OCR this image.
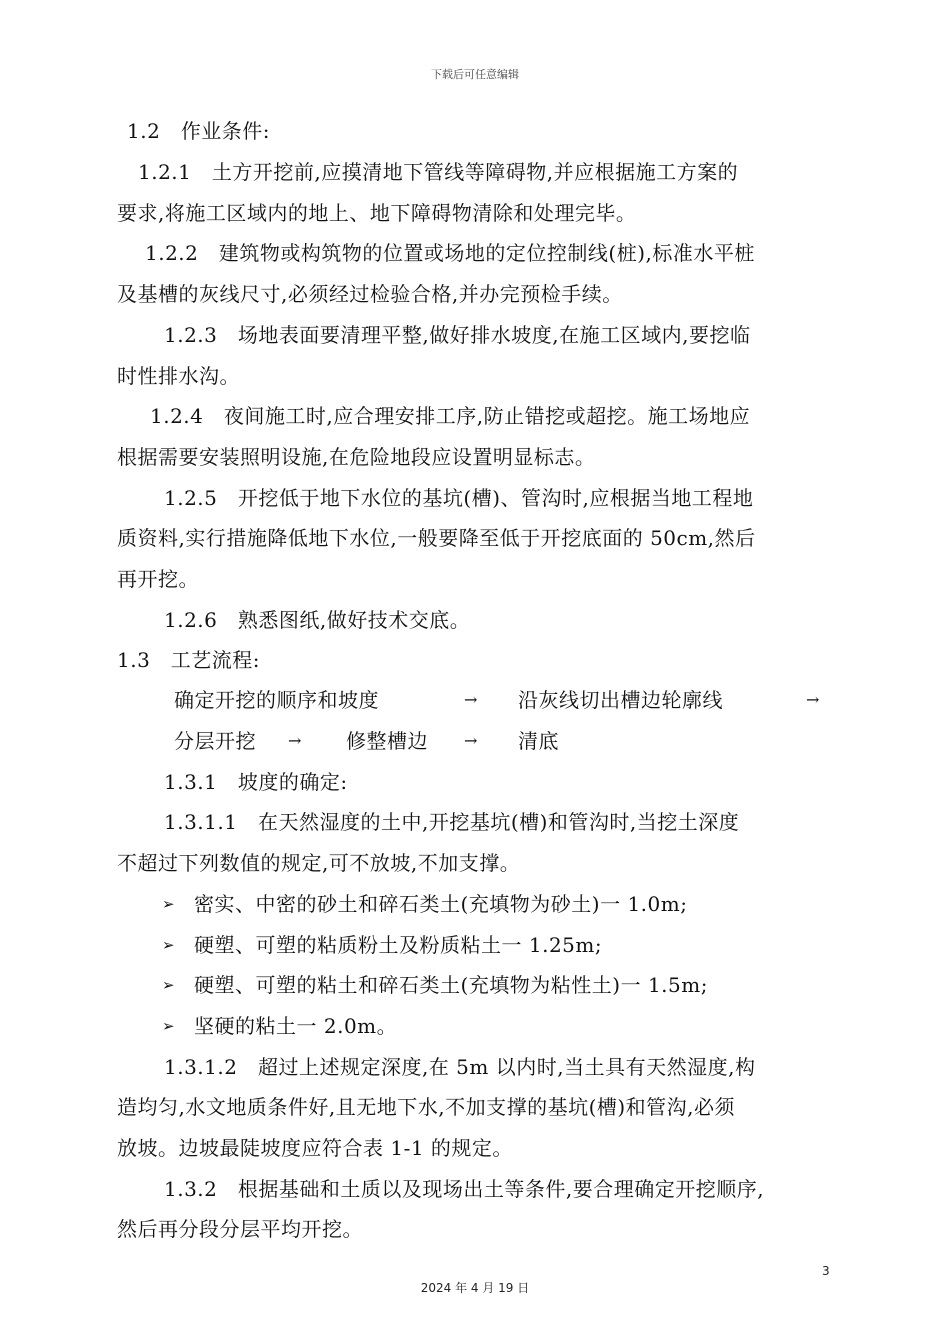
下载后可任意编辑
1.2　作业条件:
1.2.1　土方开挖前,应摸清地下管线等障碍物,并应根据施工方案的
要求,将施工区域内的地上、地下障碍物清除和处理完毕。
1.2.2　建筑物或构筑物的位置或场地的定位控制线(桩),标准水平桩
及基槽的灰线尺寸,必须经过检验合格,并办完预检手续。
1.2.3　场地表面要清理平整,做好排水坡度,在施工区域内,要挖临
时性排水沟。
1.2.4　夜间施工时,应合理安排工序,防止错挖或超挖。施工场地应
根据需要安装照明设施,在危险地段应设置明显标志。
1.2.5　开挖低于地下水位的基坑(槽)、管沟时,应根据当地工程地
质资料,实行措施降低地下水位,一般要降至低于开挖底面的 50cm,然后
再开挖。
1.2.6　熟悉图纸,做好技术交底。
1.3　工艺流程:
确定开挖的顺序和坡度	→ 沿灰线切出槽边轮廓线	→
分层开挖 → 修整槽边 → 清底
1.3.1　坡度的确定:
1.3.1.1　在天然湿度的土中,开挖基坑(槽)和管沟时,当挖土深度
不超过下列数值的规定,可不放坡,不加支撑。
➢ 密实、中密的砂土和碎石类土(充填物为砂土)一 1.0m;
➢ 硬塑、可塑的粘质粉土及粉质粘土一 1.25m;
➢ 硬塑、可塑的粘土和碎石类土(充填物为粘性土)一 1.5m;
➢ 坚硬的粘土一 2.0m。
1.3.1.2　超过上述规定深度,在 5m 以内时,当土具有天然湿度,构
造均匀,水文地质条件好,且无地下水,不加支撑的基坑(槽)和管沟,必须
放坡。边坡最陡坡度应符合表 1-1 的规定。
1.3.2　根据基础和土质以及现场出土等条件,要合理确定开挖顺序,
然后再分段分层平均开挖。
3
2024 年 4 月 19 日
